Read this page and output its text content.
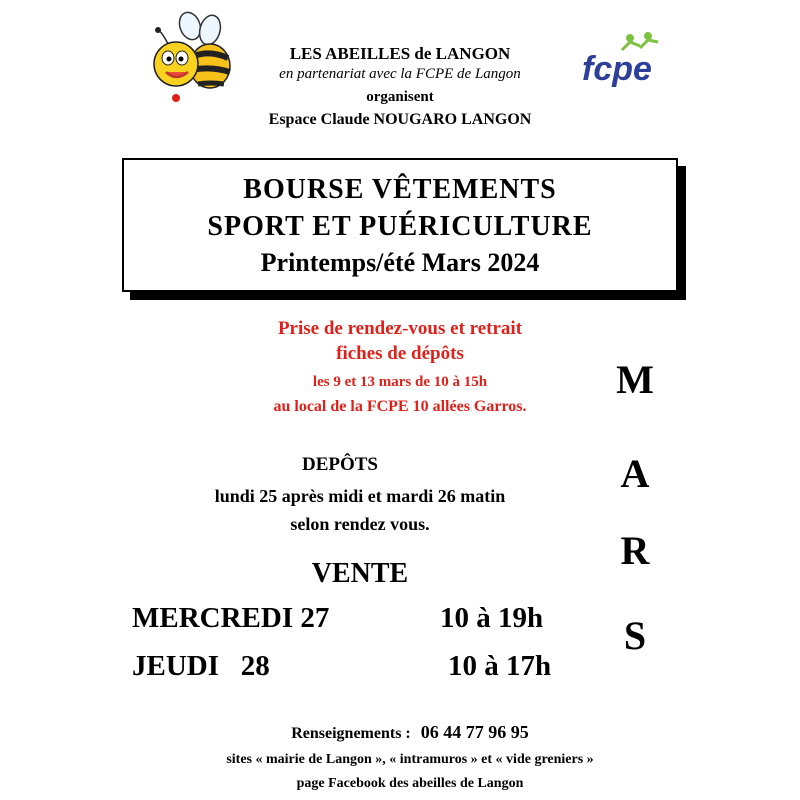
fcpe
LES ABEILLES de LANGON
en partenariat avec la FCPE de Langon
organisent
Espace Claude NOUGARO LANGON
BOURSE VÊTEMENTS
SPORT ET PUÉRICULTURE
Printemps/été Mars 2024
Prise de rendez-vous et retrait
fiches de dépôts
les 9 et 13 mars de 10 à 15h
au local de la FCPE 10 allées Garros.
DEPÔTS
lundi 25 après midi et mardi 26 matin
selon rendez vous.
VENTE
MERCREDI 27	10 à 19h
JEUDI   28	10 à 17h
M
A
R
S
Renseignements : 06 44 77 96 95
sites « mairie de Langon », « intramuros » et « vide greniers »
page Facebook des abeilles de Langon
